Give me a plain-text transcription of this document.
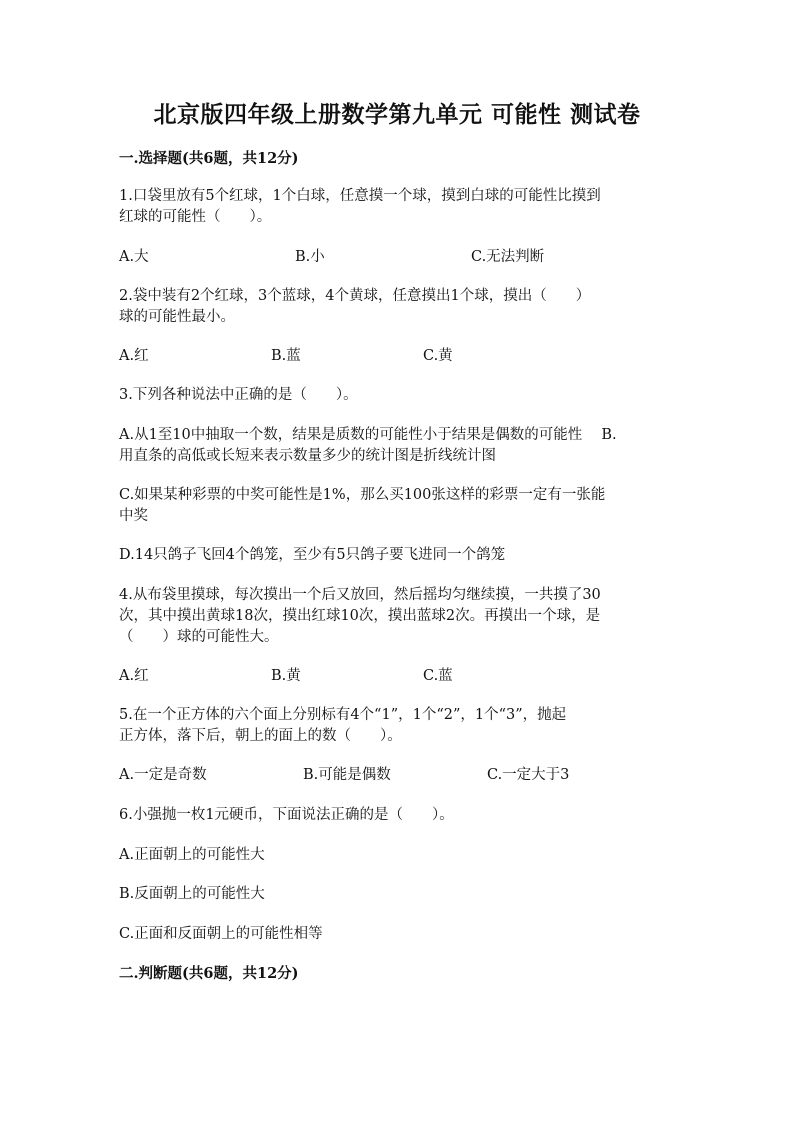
北京版四年级上册数学第九单元 可能性 测试卷
一.选择题(共6题，共12分)
1.口袋里放有5个红球，1个白球，任意摸一个球，摸到白球的可能性比摸到
红球的可能性（　　）。
A.大	B.小	C.无法判断
2.袋中装有2个红球，3个蓝球，4个黄球，任意摸出1个球，摸出（　　）
球的可能性最小。
A.红	B.蓝	C.黄
3.下列各种说法中正确的是（　　）。
A.从1至10中抽取一个数，结果是质数的可能性小于结果是偶数的可能性　 B.
用直条的高低或长短来表示数量多少的统计图是折线统计图
C.如果某种彩票的中奖可能性是1%，那么买100张这样的彩票一定有一张能
中奖
D.14只鸽子飞回4个鸽笼，至少有5只鸽子要飞进同一个鸽笼
4.从布袋里摸球，每次摸出一个后又放回，然后摇均匀继续摸，一共摸了30
次，其中摸出黄球18次，摸出红球10次，摸出蓝球2次。再摸出一个球，是
（　　）球的可能性大。
A.红	B.黄	C.蓝
5.在一个正方体的六个面上分别标有4个“1”，1个“2”，1个“3”，抛起
正方体，落下后，朝上的面上的数（　　）。
A.一定是奇数	B.可能是偶数	C.一定大于3
6.小强抛一枚1元硬币，下面说法正确的是（　　）。
A.正面朝上的可能性大
B.反面朝上的可能性大
C.正面和反面朝上的可能性相等
二.判断题(共6题，共12分)
